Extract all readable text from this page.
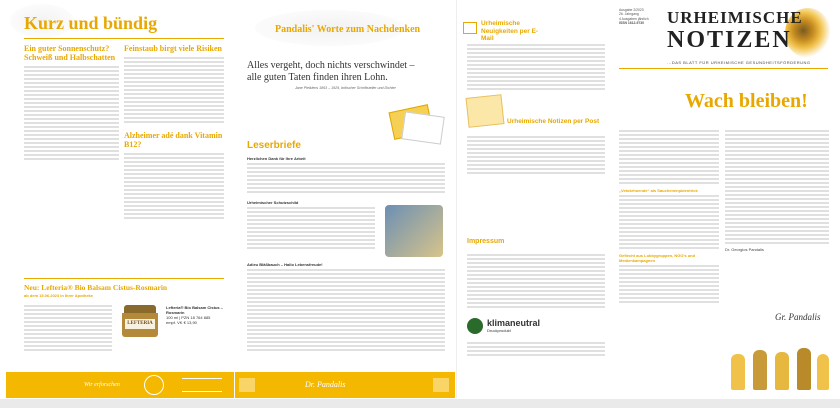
Kurz und bündig
Ein guter Sonnenschutz? Schweiß und Halbschatten
Feinstaub birgt viele Risiken
Alzheimer adé dank Vitamin B12?
Neu: Lefteria® Bio Balsam Cistus-Rosmarin
ab dem 15.06.2023 in Ihrer Apotheke
LEFTERIA
Lefteria® Bio Balsam Cistus – Rosmarin
100 ml | PZN 18 764 885
empf. VK € 13,90
Wir erforschen
Pandalis' Worte zum Nachdenken
Alles vergeht, doch nichts verschwindet –
alle guten Taten finden ihren Lohn.
Jane Pleiklens 1863 – 1929, britischer Schriftsteller und Dichter
Leserbriefe
Herzlichen Dank für Ihre Arbeit
Urheimischer Schutzschild
Adieu Bläßbauch – Hallo Lebensfreude!
Dr. Pandalis
Urheimische Neuigkeiten per E-Mail
Urheimische Notizen per Post
Impressum
klimaneutral
Druckprodukt
Ausgabe 2/2023
26. Jahrgang
4 Ausgaben jährlich
ISSN 1612-9730	URHEIMISCHE
NOTIZEN
...DAS BLATT FÜR URHEIMISCHE GESUNDHEITSFÖRDERUNG
Wach bleiben!
„Vetokrhoende“ als Sauchenenpidentrick
Geflecht aus Lobbygruppen, NGO's und Medienkampagnen
Dr. Georgios Pandalis
Gr. Pandalis
